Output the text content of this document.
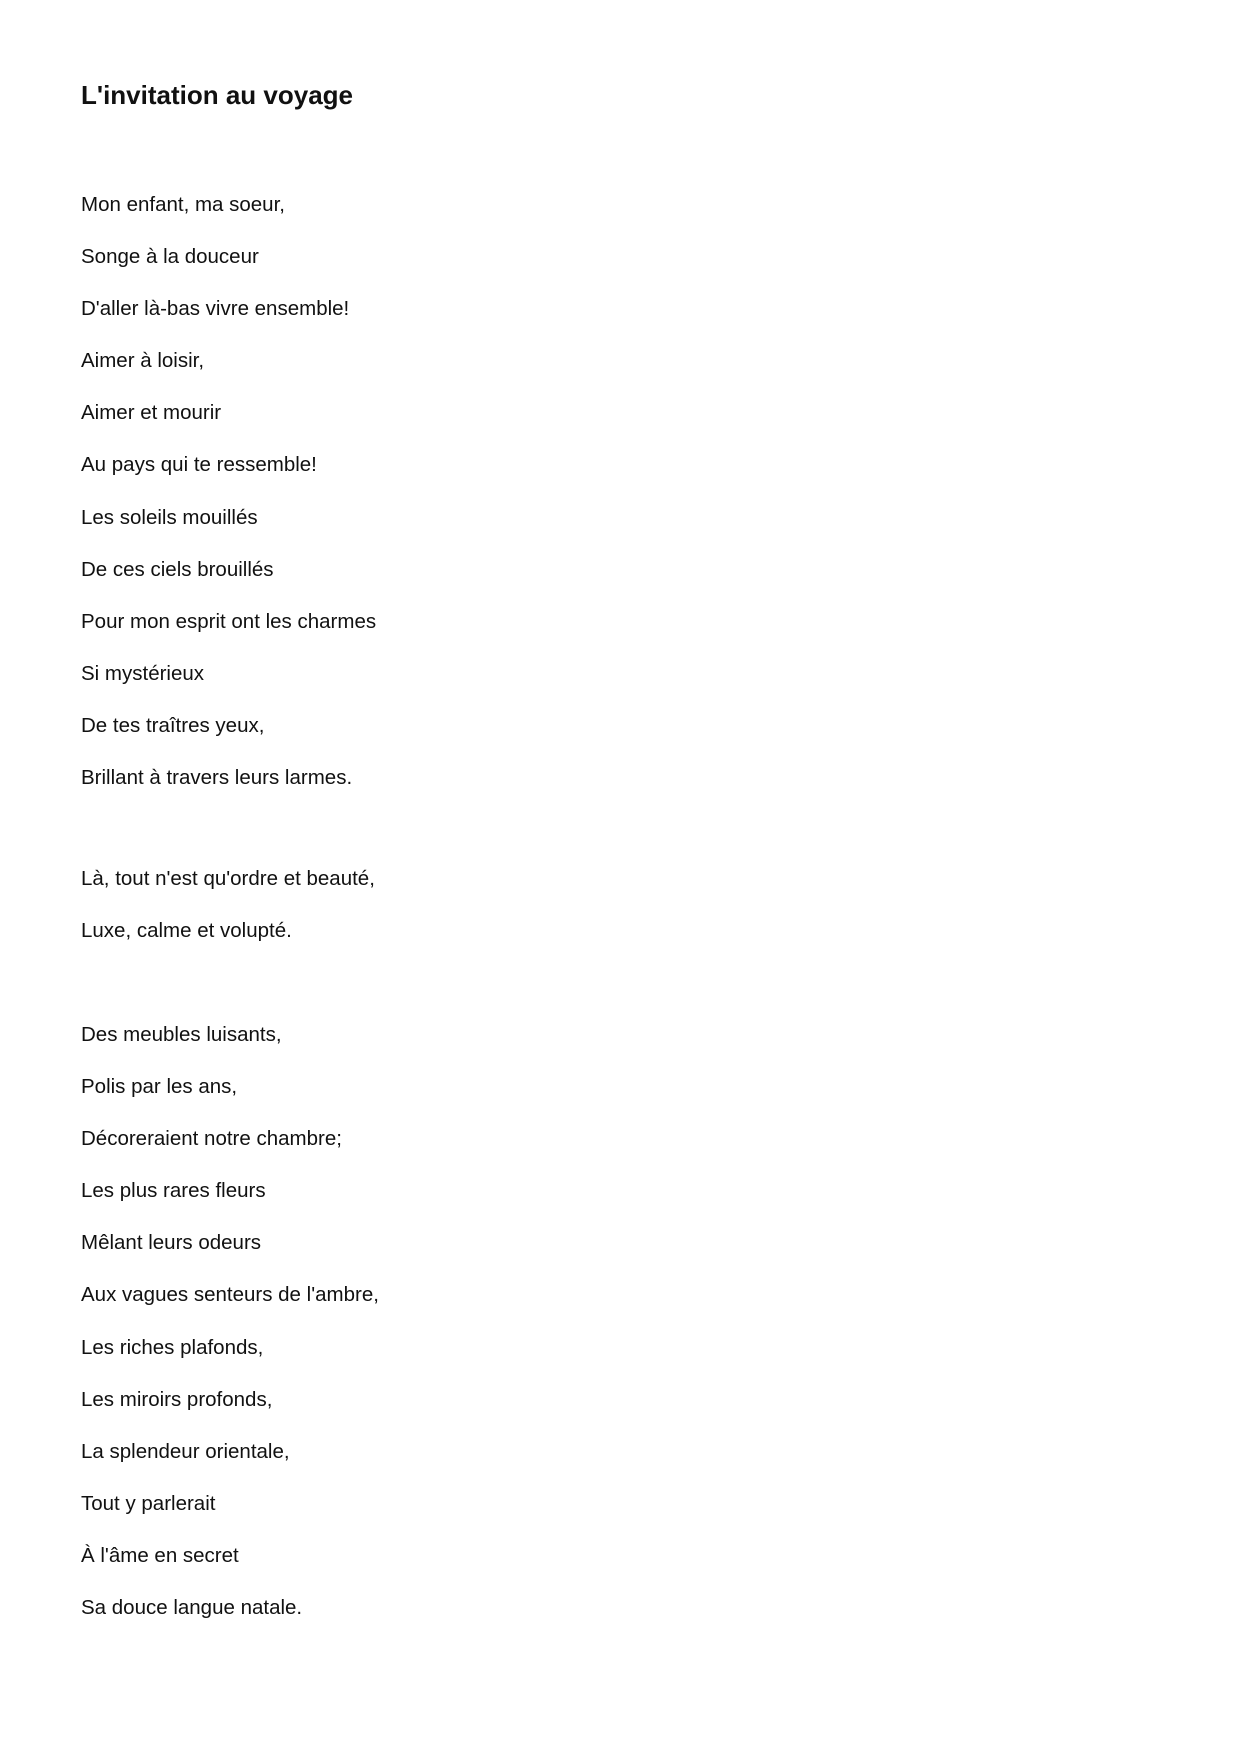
L'invitation au voyage
Mon enfant, ma soeur,
Songe à la douceur
D'aller là-bas vivre ensemble!
Aimer à loisir,
Aimer et mourir
Au pays qui te ressemble!
Les soleils mouillés
De ces ciels brouillés
Pour mon esprit ont les charmes
Si mystérieux
De tes traîtres yeux,
Brillant à travers leurs larmes.
Là, tout n'est qu'ordre et beauté,
Luxe, calme et volupté.
Des meubles luisants,
Polis par les ans,
Décoreraient notre chambre;
Les plus rares fleurs
Mêlant leurs odeurs
Aux vagues senteurs de l'ambre,
Les riches plafonds,
Les miroirs profonds,
La splendeur orientale,
Tout y parlerait
À l'âme en secret
Sa douce langue natale.
